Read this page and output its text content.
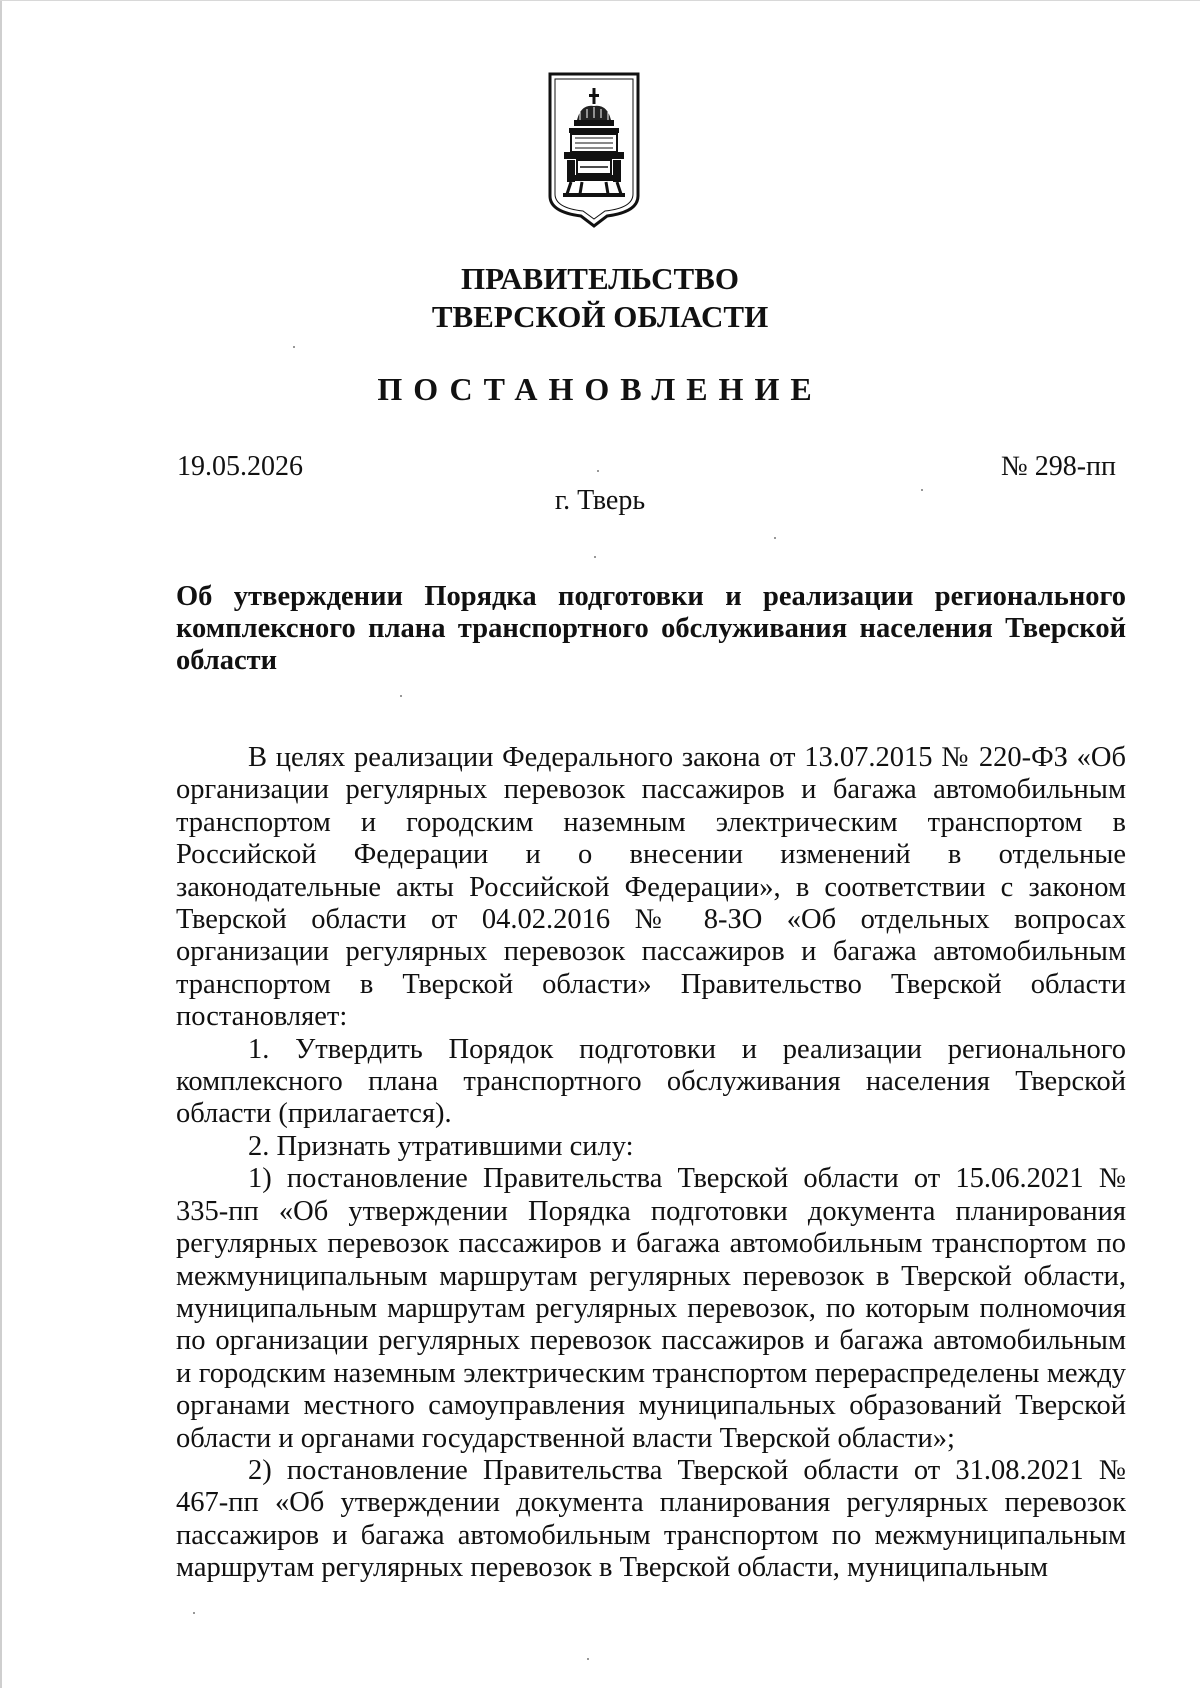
ПРАВИТЕЛЬСТВО
ТВЕРСКОЙ ОБЛАСТИ
ПОСТАНОВЛЕНИЕ
19.05.2026	№ 298-пп
г. Тверь
Об утверждении Порядка подготовки и реализации регионального комплексного плана транспортного обслуживания населения Тверской области

В целях реализации Федерального закона от 13.07.2015 № 220-ФЗ «Об организации регулярных перевозок пассажиров и багажа автомобильным транспортом и городским наземным электрическим транспортом в Российской Федерации и о внесении изменений в отдельные законодательные акты Российской Федерации», в соответствии с законом Тверской области от 04.02.2016 № 8-ЗО «Об отдельных вопросах организации регулярных перевозок пассажиров и багажа автомобильным транспортом в Тверской области» Правительство Тверской области постановляет:

1. Утвердить Порядок подготовки и реализации регионального комплексного плана транспортного обслуживания населения Тверской области (прилагается).

2. Признать утратившими силу:

1) постановление Правительства Тверской области от 15.06.2021 № 335-пп «Об утверждении Порядка подготовки документа планирования регулярных перевозок пассажиров и багажа автомобильным транспортом по межмуниципальным маршрутам регулярных перевозок в Тверской области, муниципальным маршрутам регулярных перевозок, по которым полномочия по организации регулярных перевозок пассажиров и багажа автомобильным и городским наземным электрическим транспортом перераспределены между органами местного самоуправления муниципальных образований Тверской области и органами государственной власти Тверской области»;

2) постановление Правительства Тверской области от 31.08.2021 № 467-пп «Об утверждении документа планирования регулярных перевозок пассажиров и багажа автомобильным транспортом по межмуниципальным маршрутам регулярных перевозок в Тверской области, муниципальным
